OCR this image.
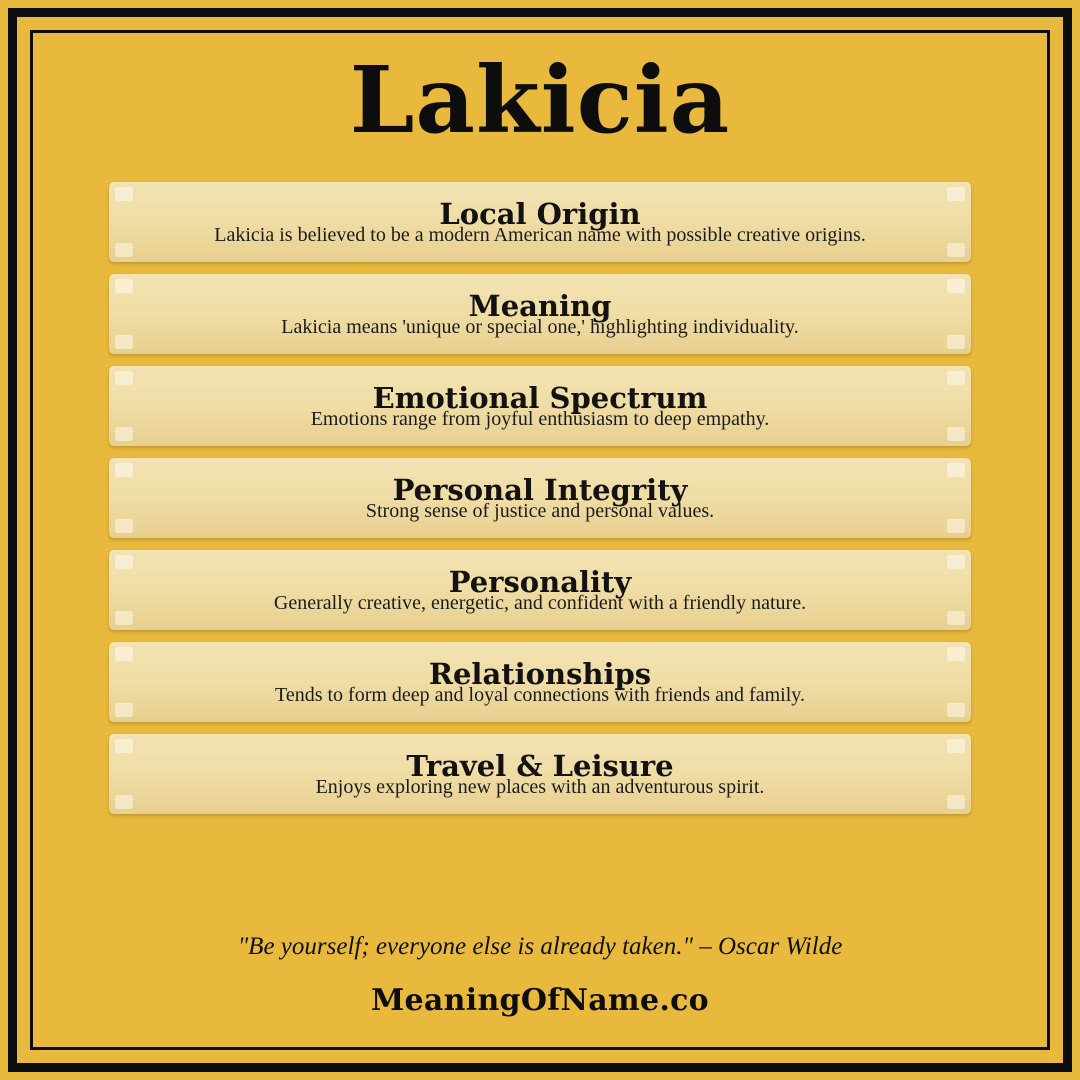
Lakicia
Local Origin
Lakicia is believed to be a modern American name with possible creative origins.
Meaning
Lakicia means 'unique or special one,' highlighting individuality.
Emotional Spectrum
Emotions range from joyful enthusiasm to deep empathy.
Personal Integrity
Strong sense of justice and personal values.
Personality
Generally creative, energetic, and confident with a friendly nature.
Relationships
Tends to form deep and loyal connections with friends and family.
Travel & Leisure
Enjoys exploring new places with an adventurous spirit.
"Be yourself; everyone else is already taken." – Oscar Wilde
MeaningOfName.co
